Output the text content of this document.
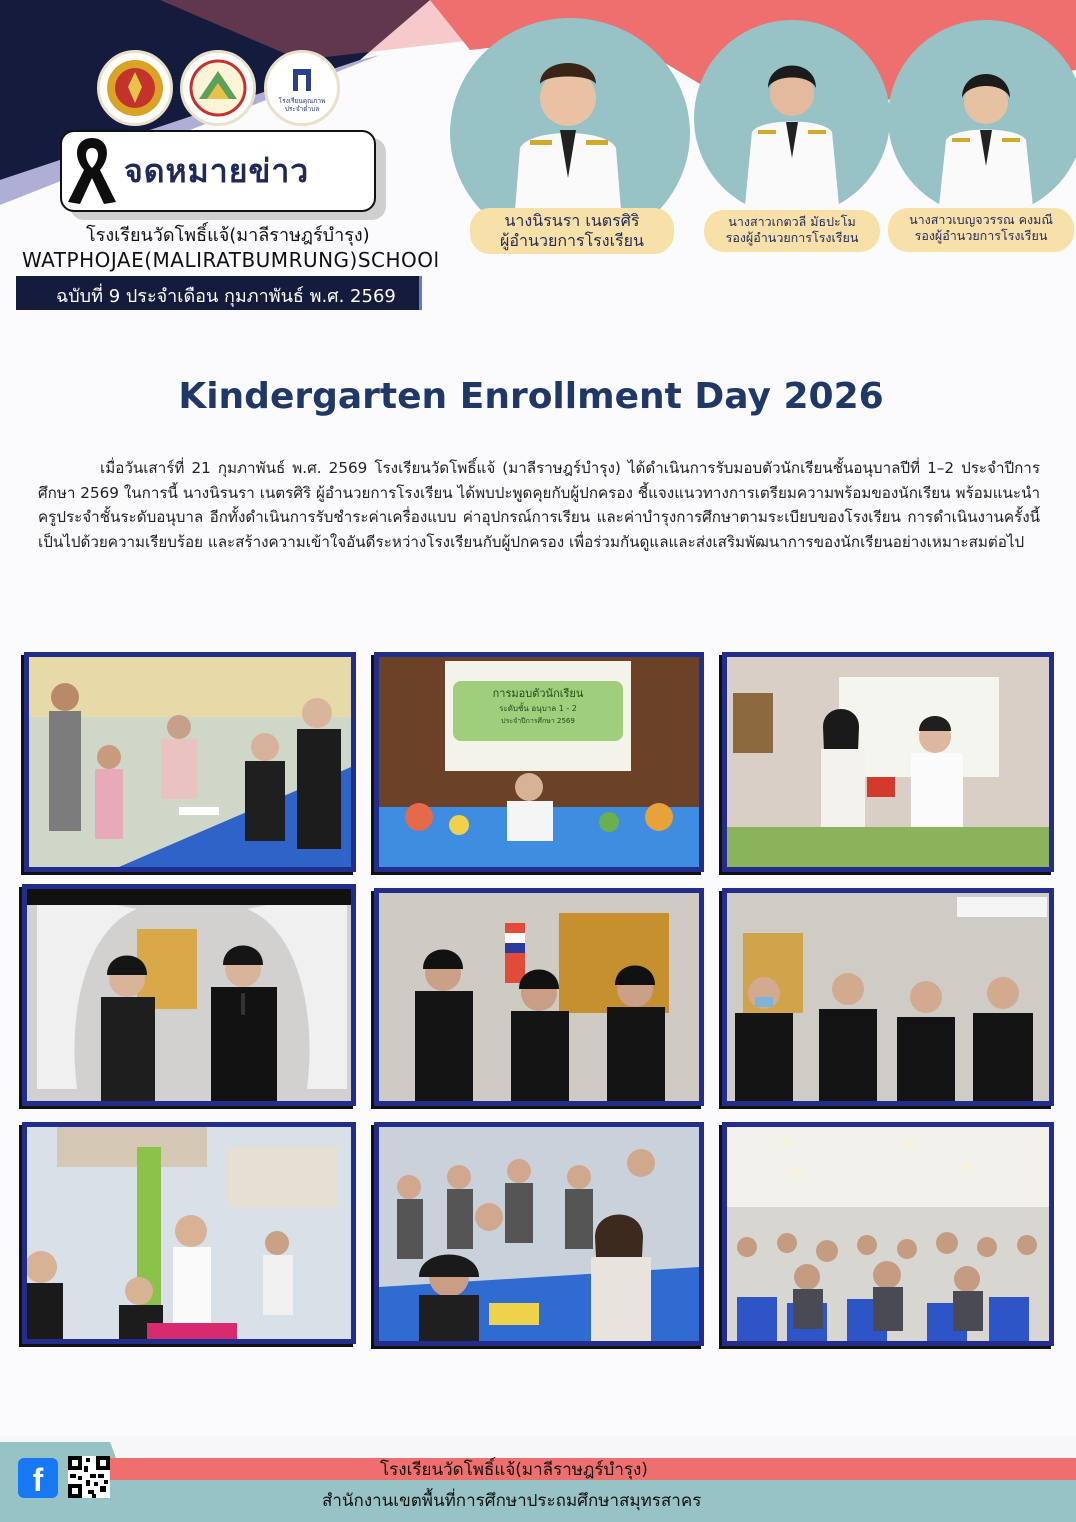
โรงเรียนคุณภาพ
ประจำตำบล
จดหมายข่าว
โรงเรียนวัดโพธิ์แจ้(มาลีราษฎร์บำรุง)
WATPHOJAE(MALIRATBUMRUNG)SCHOOl
ฉบับที่ 9 ประจำเดือน กุมภาพันธ์ พ.ศ. 2569
นางนิรนรา เนตรศิริ
ผู้อำนวยการโรงเรียน
นางสาวเกตวลี มัธปะโม
รองผู้อำนวยการโรงเรียน
นางสาวเบญจวรรณ คงมณี
รองผู้อำนวยการโรงเรียน
Kindergarten Enrollment Day 2026
เมื่อวันเสาร์ที่ 21 กุมภาพันธ์ พ.ศ. 2569 โรงเรียนวัดโพธิ์แจ้ (มาลีราษฎร์บำรุง) ได้ดำเนินการรับมอบตัวนักเรียนชั้นอนุบาลปีที่ 1–2 ประจำปีการศึกษา 2569 ในการนี้ นางนิรนรา เนตรศิริ ผู้อำนวยการโรงเรียน ได้พบปะพูดคุยกับผู้ปกครอง ชี้แจงแนวทางการเตรียมความพร้อมของนักเรียน พร้อมแนะนำครูประจำชั้นระดับอนุบาล อีกทั้งดำเนินการรับชำระค่าเครื่องแบบ ค่าอุปกรณ์การเรียน และค่าบำรุงการศึกษาตามระเบียบของโรงเรียน การดำเนินงานครั้งนี้เป็นไปด้วยความเรียบร้อย และสร้างความเข้าใจอันดีระหว่างโรงเรียนกับผู้ปกครอง เพื่อร่วมกันดูแลและส่งเสริมพัฒนาการของนักเรียนอย่างเหมาะสมต่อไป
การมอบตัวนักเรียน
ระดับชั้น อนุบาล 1 - 2
ประจำปีการศึกษา 2569
f	โรงเรียนวัดโพธิ์แจ้(มาลีราษฎร์บำรุง)
สำนักงานเขตพื้นที่การศึกษาประถมศึกษาสมุทรสาคร
